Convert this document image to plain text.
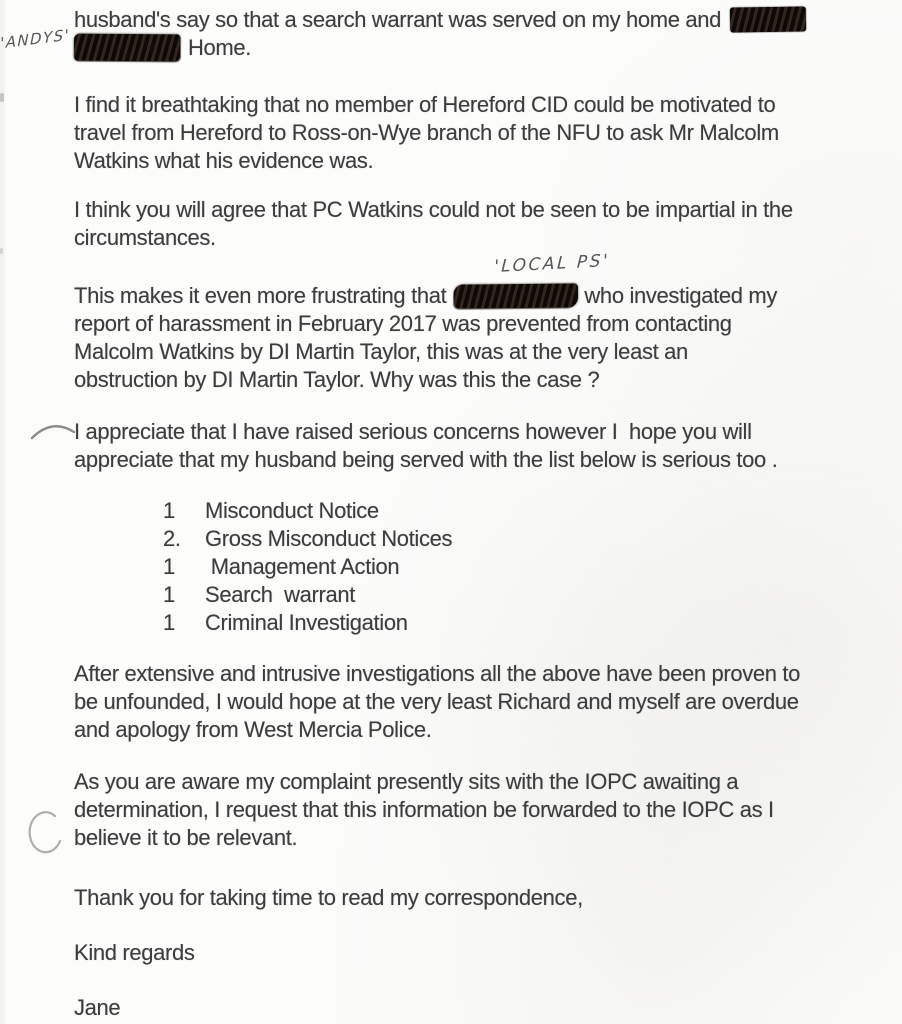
'ANDYS'
'LOCAL PS'
husband's say so that a search warrant was served on my home and
Home.
I find it breathtaking that no member of Hereford CID could be motivated to
travel from Hereford to Ross-on-Wye branch of the NFU to ask Mr Malcolm
Watkins what his evidence was.
I think you will agree that PC Watkins could not be seen to be impartial in the
circumstances.
This makes it even more frustrating that	who investigated my
report of harassment in February 2017 was prevented from contacting
Malcolm Watkins by DI Martin Taylor, this was at the very least an
obstruction by DI Martin Taylor. Why was this the case ?
I appreciate that I have raised serious concerns however I  hope you will
appreciate that my husband being served with the list below is serious too .
1 Misconduct Notice
2. Gross Misconduct Notices
1 Management Action
1 Search  warrant
1 Criminal Investigation
After extensive and intrusive investigations all the above have been proven to
be unfounded, I would hope at the very least Richard and myself are overdue
and apology from West Mercia Police.
As you are aware my complaint presently sits with the IOPC awaiting a
determination, I request that this information be forwarded to the IOPC as I
believe it to be relevant.
Thank you for taking time to read my correspondence,
Kind regards
Jane
